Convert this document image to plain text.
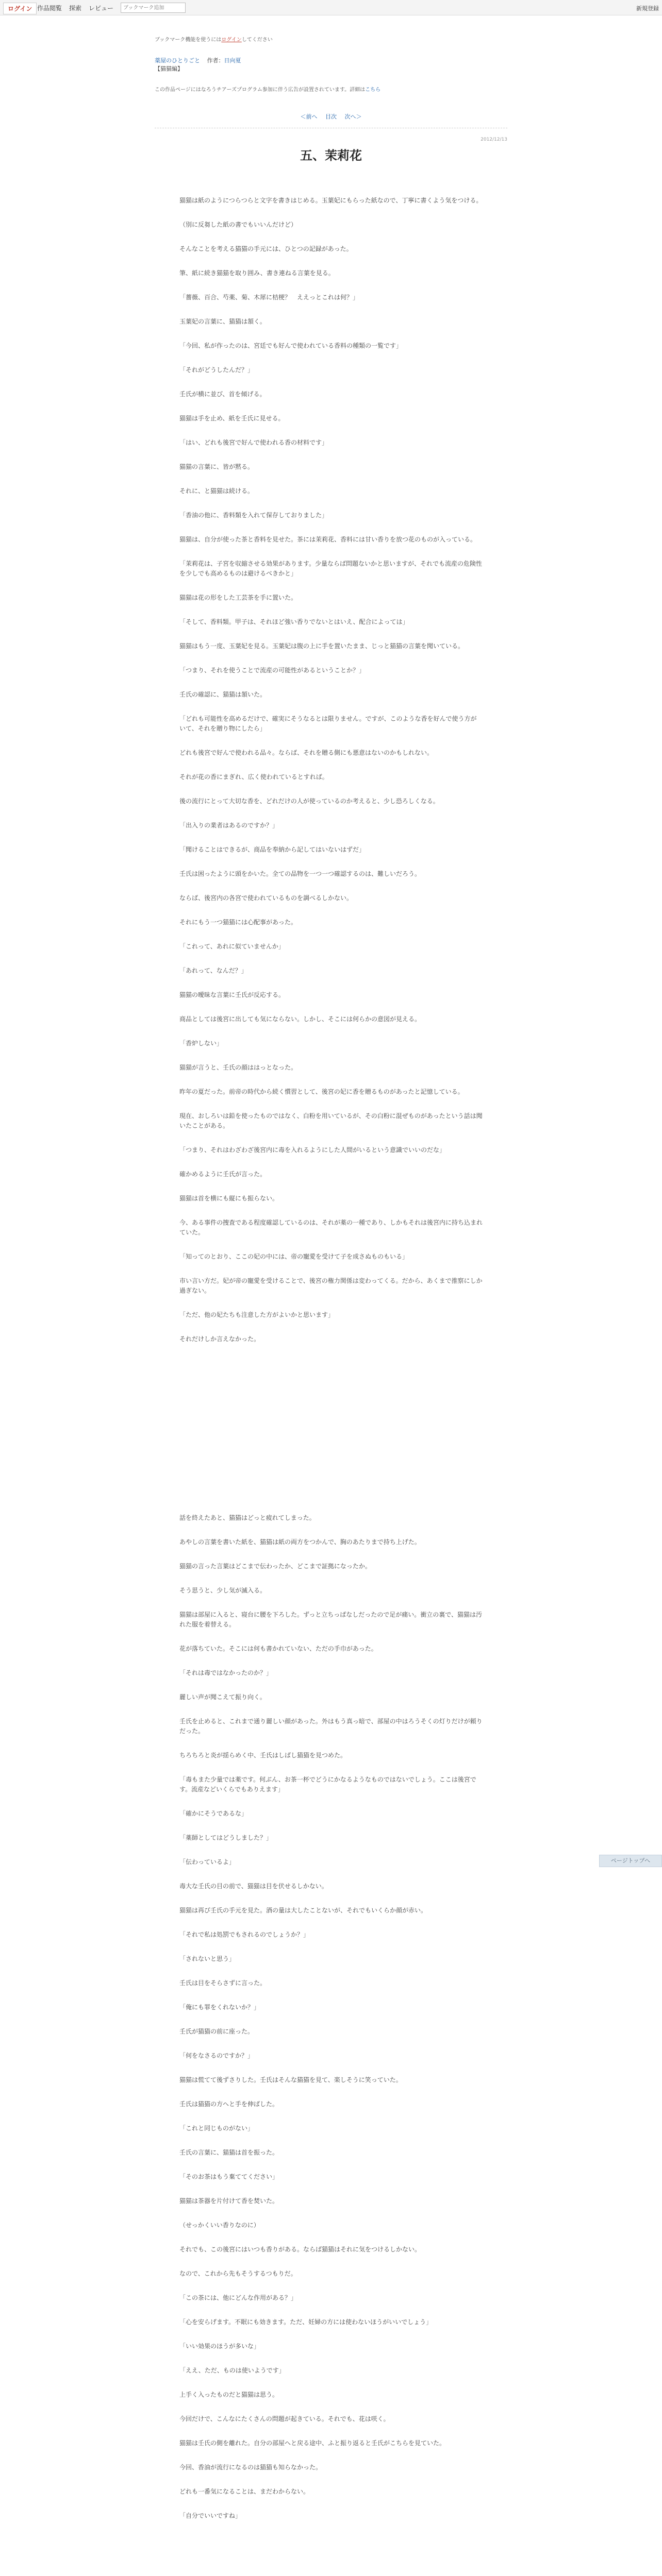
ログイン 作品閲覧 探索 レビュー
ブックマーク追加	新規登録
ブックマーク機能を使うにはログインしてください
薬屋のひとりごと 作者：日向夏
【猫猫編】
この作品ページにはなろうチアーズプログラム参加に伴う広告が設置されています。詳細はこちら
＜前へ 目次 次へ＞
2012/12/13
五、茉莉花

猫猫は紙のようにつらつらと文字を書きはじめる。玉葉妃にもらった紙なので、丁寧に書くよう気をつける。

（別に反芻した紙の書でもいいんだけど）

そんなことを考える猫猫の手元には、ひとつの記録があった。

筆、紙に続き猫猫を取り囲み、書き連ねる言葉を見る。

「薔薇、百合、芍薬、菊、木犀に桔梗？　ええっとこれは何？」

玉葉妃の言葉に、猫猫は頷く。

「今回、私が作ったのは、宮廷でも好んで使われている香料の種類の一覧です」

「それがどうしたんだ？」

壬氏が横に並び、首を傾げる。

猫猫は手を止め、紙を壬氏に見せる。

「はい、どれも後宮で好んで使われる香の材料です」

猫猫の言葉に、皆が黙る。

それに、と猫猫は続ける。

「香油の他に、香料類を入れて保存しておりました」

猫猫は、自分が使った茶と香料を見せた。茶には茉莉花、香料には甘い香りを放つ花のものが入っている。

「茉莉花は、子宮を収縮させる効果があります。少量ならば問題ないかと思いますが、それでも流産の危険性を少しでも高めるものは避けるべきかと」

猫猫は花の形をした工芸茶を手に置いた。

「そして、香料類。甲子は、それほど強い香りでないとはいえ、配合によっては」

猫猫はもう一度、玉葉妃を見る。玉葉妃は腹の上に手を置いたまま、じっと猫猫の言葉を聞いている。

「つまり、それを使うことで流産の可能性があるということか？」

壬氏の確認に、猫猫は頷いた。

「どれも可能性を高めるだけで、確実にそうなるとは限りません。ですが、このような香を好んで使う方がいて、それを贈り物にしたら」

どれも後宮で好んで使われる品々。ならば、それを贈る側にも悪意はないのかもしれない。

それが花の香にまぎれ、広く使われているとすれば。

後の流行にとって大切な香を、どれだけの人が使っているのか考えると、少し恐ろしくなる。

「出入りの業者はあるのですか？」

「聞けることはできるが、商品を奉納から記してはいないはずだ」

壬氏は困ったように頭をかいた。全ての品物を一つ一つ確認するのは、難しいだろう。

ならば、後宮内の各宮で使われているものを調べるしかない。

それにもう一つ猫猫には心配事があった。

「これって、あれに似ていませんか」

「あれって、なんだ？」

猫猫の曖昧な言葉に壬氏が反応する。

商品としては後宮に出しても気にならない。しかし、そこには何らかの意図が見える。

「香炉しない」

猫猫が言うと、壬氏の顔ははっとなった。

昨年の夏だった。前帝の時代から続く慣習として、後宮の妃に香を贈るものがあったと記憶している。

現在、おしろいは鉛を使ったものではなく、白粉を用いているが、その白粉に混ぜものがあったという話は聞いたことがある。

「つまり、それはわざわざ後宮内に毒を入れるようにした人間がいるという意識でいいのだな」

確かめるように壬氏が言った。

猫猫は首を横にも縦にも振らない。

今、ある事件の捜査である程度確認しているのは、それが薬の一種であり、しかもそれは後宮内に持ち込まれていた。

「知ってのとおり、ここの妃の中には、帝の寵愛を受けて子を成さぬものもいる」

市い言い方だ。妃が帝の寵愛を受けることで、後宮の権力関係は変わってくる。だから、あくまで推察にしか過ぎない。

「ただ、他の妃たちも注意した方がよいかと思います」

それだけしか言えなかった。

話を終えたあと、猫猫はどっと疲れてしまった。

あやしの言葉を書いた紙を、猫猫は紙の両方をつかんで、胸のあたりまで持ち上げた。

猫猫の言った言葉はどこまで伝わったか、どこまで証拠になったか。

そう思うと、少し気が滅入る。

猫猫は部屋に入ると、寝台に腰を下ろした。ずっと立ちっぱなしだったので足が痛い。衝立の裏で、猫猫は汚れた服を着替える。

花が落ちていた。そこには何も書かれていない、ただの手巾があった。

「それは毒ではなかったのか？」

麗しい声が聞こえて振り向く。

壬氏を止めると、これまで通り麗しい顔があった。外はもう真っ暗で、部屋の中はろうそくの灯りだけが頼りだった。

ちろちろと炎が揺らめく中、壬氏はしばし猫猫を見つめた。

「毒もまた少量では薬です。何ぶん、お茶一杯でどうにかなるようなものではないでしょう。ここは後宮です。流産などいくらでもありえます」

「確かにそうであるな」

「薬師としてはどうしました？」

「伝わっているよ」

毒大な壬氏の目の前で、猫猫は目を伏せるしかない。

猫猫は再び壬氏の手元を見た。酒の量は大したことないが、それでもいくらか顔が赤い。

「それで私は処罰でもされるのでしょうか？」

「されないと思う」

壬氏は目をそらさずに言った。

「俺にも罪をくれないか？」

壬氏が猫猫の前に座った。

「何をなさるのですか？」

猫猫は慌てて後ずさりした。壬氏はそんな猫猫を見て、楽しそうに笑っていた。

壬氏は猫猫の方へと手を伸ばした。

「これと同じものがない」

壬氏の言葉に、猫猫は首を振った。

「そのお茶はもう棄ててください」

猫猫は茶器を片付けて香を焚いた。

（せっかくいい香りなのに）

それでも、この後宮にはいつも香りがある。ならば猫猫はそれに気をつけるしかない。

なので、これから先もそうするつもりだ。

「この茶には、他にどんな作用がある？」

「心を安らげます。不眠にも効きます。ただ、妊婦の方には使わないほうがいいでしょう」

「いい効果のほうが多いな」

「ええ、ただ、ものは使いようです」

上手く入ったものだと猫猫は思う。

今回だけで、こんなにたくさんの問題が起きている。それでも、花は咲く。

猫猫は壬氏の側を離れた。自分の部屋へと戻る途中、ふと振り返ると壬氏がこちらを見ていた。

今回、香油が流行になるのは猫猫も知らなかった。

どれも一番気になることは、まだわからない。

「自分でいいですね」

ページトップへ
